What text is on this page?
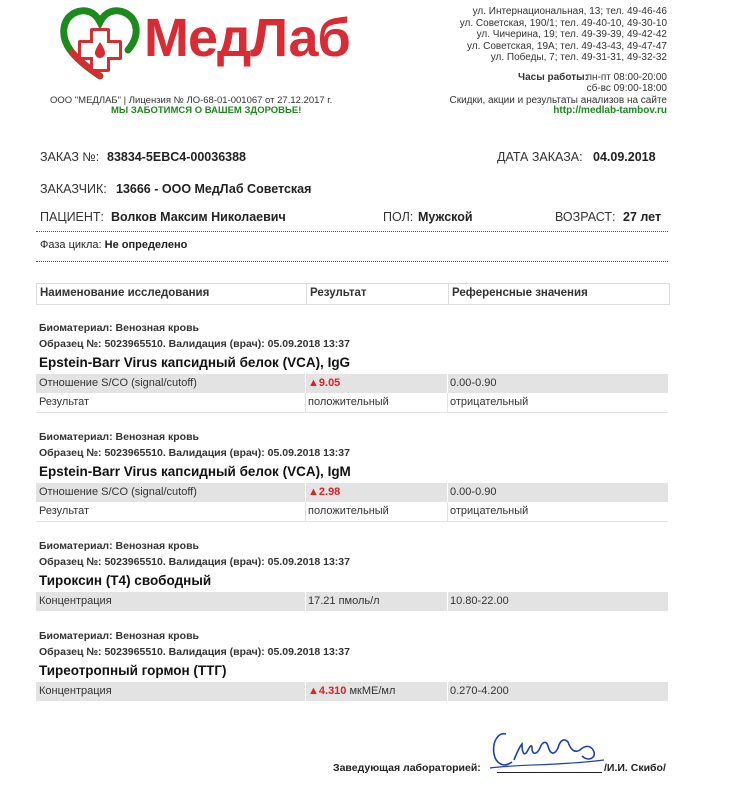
МедЛаб	ул. Интернациональная, 13; тел. 49-46-46
ул. Советская, 190/1; тел. 49-40-10, 49-30-10
ул. Чичерина, 19; тел. 49-39-39, 49-42-42
ул. Советская, 19А; тел. 49-43-43, 49-47-47
ул. Победы, 7; тел. 49-31-31, 49-32-32
ООО "МЕДЛАБ" | Лицензия № ЛО-68-01-001067 от 27.12.2017 г.
МЫ ЗАБОТИМСЯ О ВАШЕМ ЗДОРОВЬЕ!
Часы работы:
пн-пт 08:00-20:00
сб-вс 09:00-18:00
Скидки, акции и результаты анализов на сайте
http://medlab-tambov.ru
ЗАКАЗ №: 83834-5EBC4-00036388	ДАТА ЗАКАЗА: 04.09.2018
ЗАКАЗЧИК: 13666 - ООО МедЛаб Советская
ПАЦИЕНТ: Волков Максим Николаевич	ПОЛ: Мужской	ВОЗРАСТ: 27 лет
Фаза цикла: Не определено
Наименование исследования	Результат	Референсные значения
Биоматериал: Венозная кровь
Образец №: 5023965510. Валидация (врач): 05.09.2018 13:37
Epstein-Barr Virus капсидный белок (VCA), IgG
Отношение S/CO (signal/cutoff)	▲9.05	0.00-0.90
Результат	положительный	отрицательный
Биоматериал: Венозная кровь
Образец №: 5023965510. Валидация (врач): 05.09.2018 13:37
Epstein-Barr Virus капсидный белок (VCA), IgM
Отношение S/CO (signal/cutoff)	▲2.98	0.00-0.90
Результат	положительный	отрицательный
Биоматериал: Венозная кровь
Образец №: 5023965510. Валидация (врач): 05.09.2018 13:37
Тироксин (Т4) свободный
Концентрация	17.21 пмоль/л	10.80-22.00
Биоматериал: Венозная кровь
Образец №: 5023965510. Валидация (врач): 05.09.2018 13:37
Тиреотропный гормон (ТТГ)
Концентрация	▲4.310 мкМЕ/мл	0.270-4.200
Заведующая лабораторией:	/И.И. Скибо/
